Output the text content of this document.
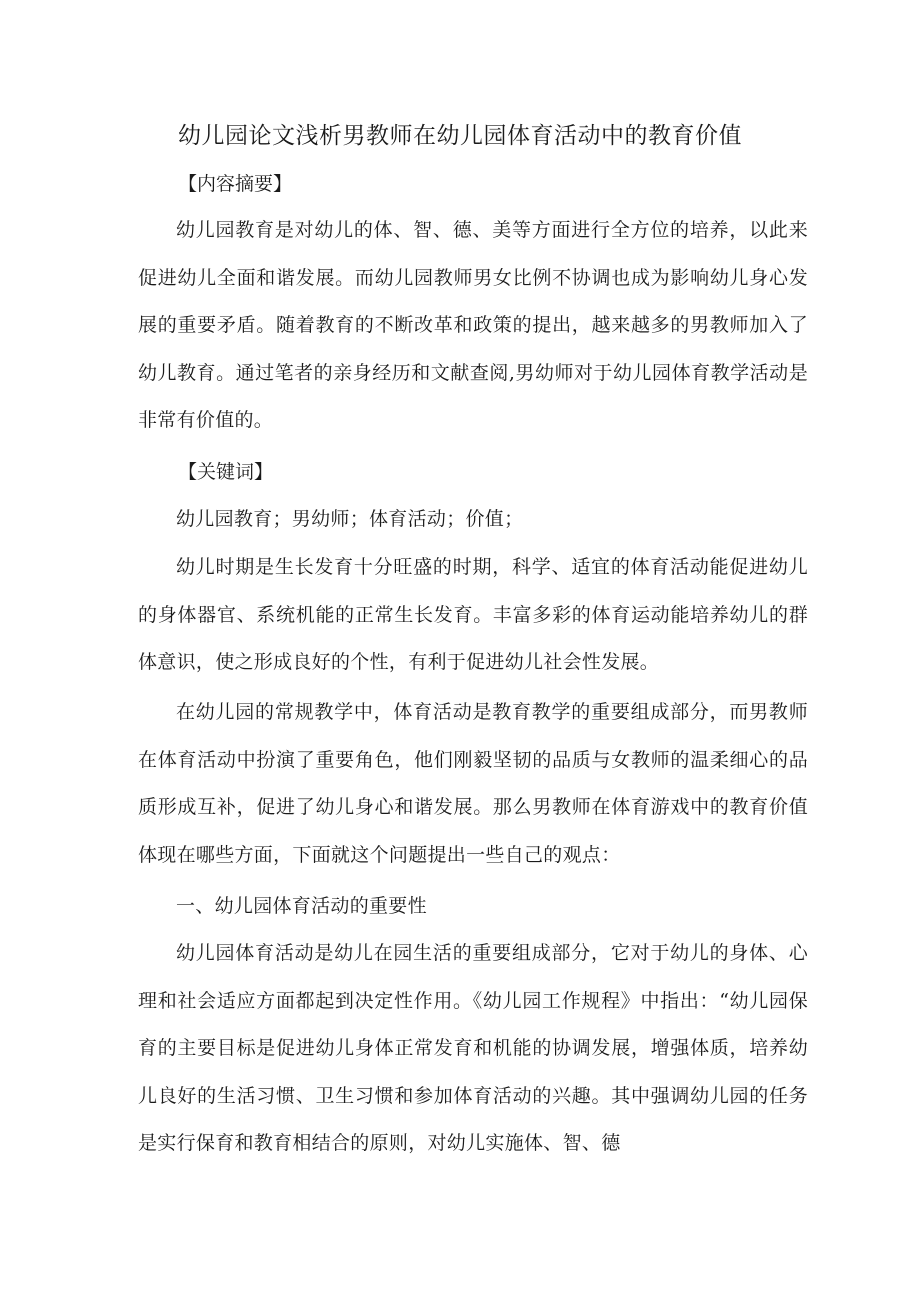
幼儿园论文浅析男教师在幼儿园体育活动中的教育价值

【内容摘要】

幼儿园教育是对幼儿的体、智、德、美等方面进行全方位的培养，以此来促进幼儿全面和谐发展。而幼儿园教师男女比例不协调也成为影响幼儿身心发展的重要矛盾。随着教育的不断改革和政策的提出，越来越多的男教师加入了幼儿教育。通过笔者的亲身经历和文献查阅,男幼师对于幼儿园体育教学活动是非常有价值的。

【关键词】

幼儿园教育；男幼师；体育活动；价值；

幼儿时期是生长发育十分旺盛的时期，科学、适宜的体育活动能促进幼儿的身体器官、系统机能的正常生长发育。丰富多彩的体育运动能培养幼儿的群体意识，使之形成良好的个性，有利于促进幼儿社会性发展。

在幼儿园的常规教学中，体育活动是教育教学的重要组成部分，而男教师在体育活动中扮演了重要角色，他们刚毅坚韧的品质与女教师的温柔细心的品质形成互补，促进了幼儿身心和谐发展。那么男教师在体育游戏中的教育价值体现在哪些方面，下面就这个问题提出一些自己的观点：

一、幼儿园体育活动的重要性

幼儿园体育活动是幼儿在园生活的重要组成部分，它对于幼儿的身体、心理和社会适应方面都起到决定性作用。《幼儿园工作规程》中指出：“幼儿园保育的主要目标是促进幼儿身体正常发育和机能的协调发展，增强体质，培养幼儿良好的生活习惯、卫生习惯和参加体育活动的兴趣。其中强调幼儿园的任务是实行保育和教育相结合的原则，对幼儿实施体、智、德
